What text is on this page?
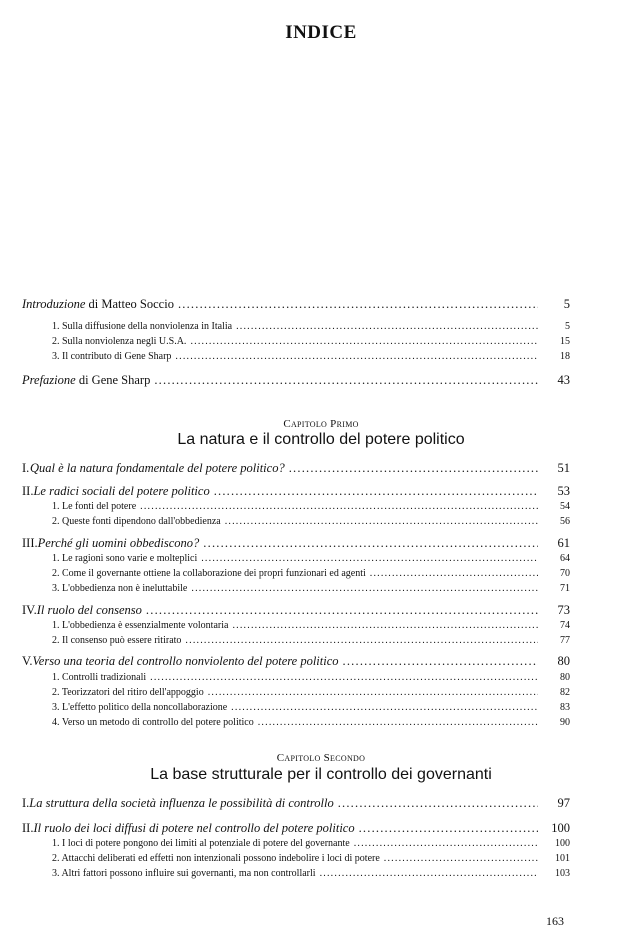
INDICE
Introduzione di Matteo Soccio .....	5
1. Sulla diffusione della nonviolenza in Italia .....	5
2. Sulla nonviolenza negli U.S.A. .....	15
3. Il contributo di Gene Sharp .....	18
Prefazione di Gene Sharp .....	43
Capitolo Primo
La natura e il controllo del potere politico
I. Qual è la natura fondamentale del potere politico? .....	51
II. Le radici sociali del potere politico .....	53
1. Le fonti del potere .....	54
2. Queste fonti dipendono dall'obbedienza .....	56
III. Perché gli uomini obbediscono? .....	61
1. Le ragioni sono varie e molteplici .....	64
2. Come il governante ottiene la collaborazione dei propri funzionari ed agenti .....	70
3. L'obbedienza non è ineluttabile .....	71
IV. Il ruolo del consenso .....	73
1. L'obbedienza è essenzialmente volontaria .....	74
2. Il consenso può essere ritirato .....	77
V. Verso una teoria del controllo nonviolento del potere politico .....	80
1. Controlli tradizionali .....	80
2. Teorizzatori del ritiro dell'appoggio .....	82
3. L'effetto politico della noncollaborazione .....	83
4. Verso un metodo di controllo del potere politico .....	90
Capitolo Secondo
La base strutturale per il controllo dei governanti
I. La struttura della società influenza le possibilità di controllo .....	97
II. Il ruolo dei loci diffusi di potere nel controllo del potere politico .....	100
1. I loci di potere pongono dei limiti al potenziale di potere del governante .....	100
2. Attacchi deliberati ed effetti non intenzionali possono indebolire i loci di potere .....	101
3. Altri fattori possono influire sui governanti, ma non controllarli .....	103
163
